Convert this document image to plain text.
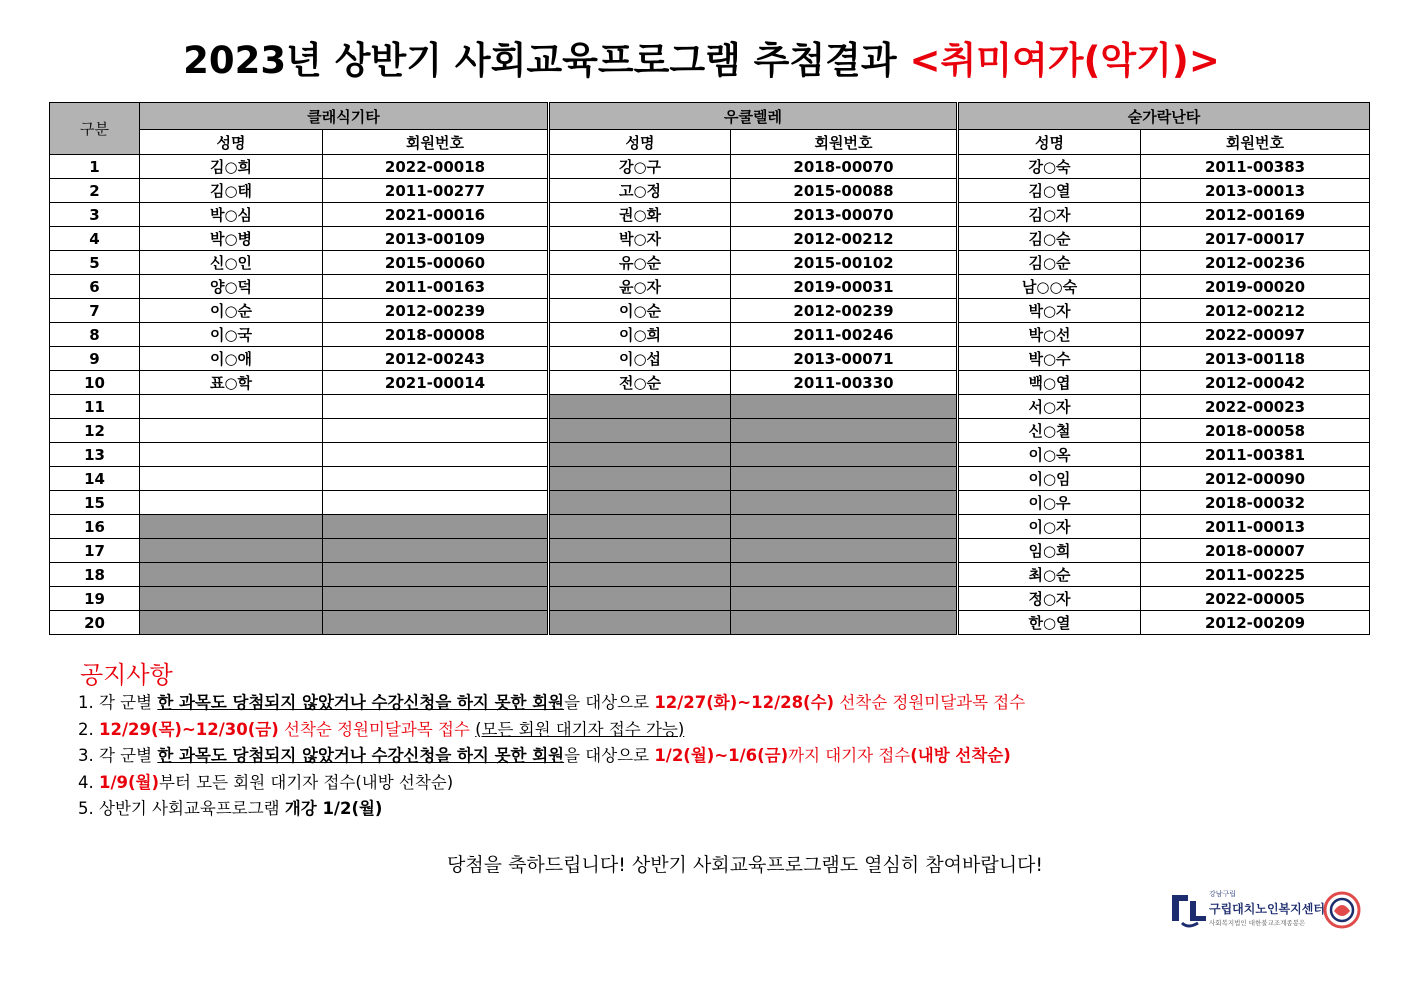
2023년 상반기 사회교육프로그램 추첨결과 <취미여가(악기)>
구분	클래식기타		우쿨렐레		숟가락난타	
	성명	회원번호	성명	회원번호	성명	회원번호
1	김○희	2022-00018	강○구	2018-00070	강○숙	2011-00383
2	김○태	2011-00277	고○정	2015-00088	김○열	2013-00013
3	박○심	2021-00016	권○화	2013-00070	김○자	2012-00169
4	박○병	2013-00109	박○자	2012-00212	김○순	2017-00017
5	신○인	2015-00060	유○순	2015-00102	김○순	2012-00236
6	양○덕	2011-00163	윤○자	2019-00031	남○○숙	2019-00020
7	이○순	2012-00239	이○순	2012-00239	박○자	2012-00212
8	이○국	2018-00008	이○희	2011-00246	박○선	2022-00097
9	이○애	2012-00243	이○섭	2013-00071	박○수	2013-00118
10	표○학	2021-00014	전○순	2011-00330	백○엽	2012-00042
11					서○자	2022-00023
12					신○철	2018-00058
13					이○옥	2011-00381
14					이○임	2012-00090
15					이○우	2018-00032
16					이○자	2011-00013
17					임○희	2018-00007
18					최○순	2011-00225
19					정○자	2022-00005
20					한○열	2012-00209
공지사항
1. 각 군별 한 과목도 당첨되지 않았거나 수강신청을 하지 못한 회원을 대상으로 12/27(화)~12/28(수) 선착순 정원미달과목 접수
2. 12/29(목)~12/30(금) 선착순 정원미달과목 접수 (모든 회원 대기자 접수 가능)
3. 각 군별 한 과목도 당첨되지 않았거나 수강신청을 하지 못한 회원을 대상으로 1/2(월)~1/6(금)까지 대기자 접수(내방 선착순)
4. 1/9(월)부터 모든 회원 대기자 접수(내방 선착순)
5. 상반기 사회교육프로그램 개강 1/2(월)
당첨을 축하드립니다! 상반기 사회교육프로그램도 열심히 참여바랍니다!
강남구립
구립대치노인복지센터
사회복지법인 대한불교조계종봉은
